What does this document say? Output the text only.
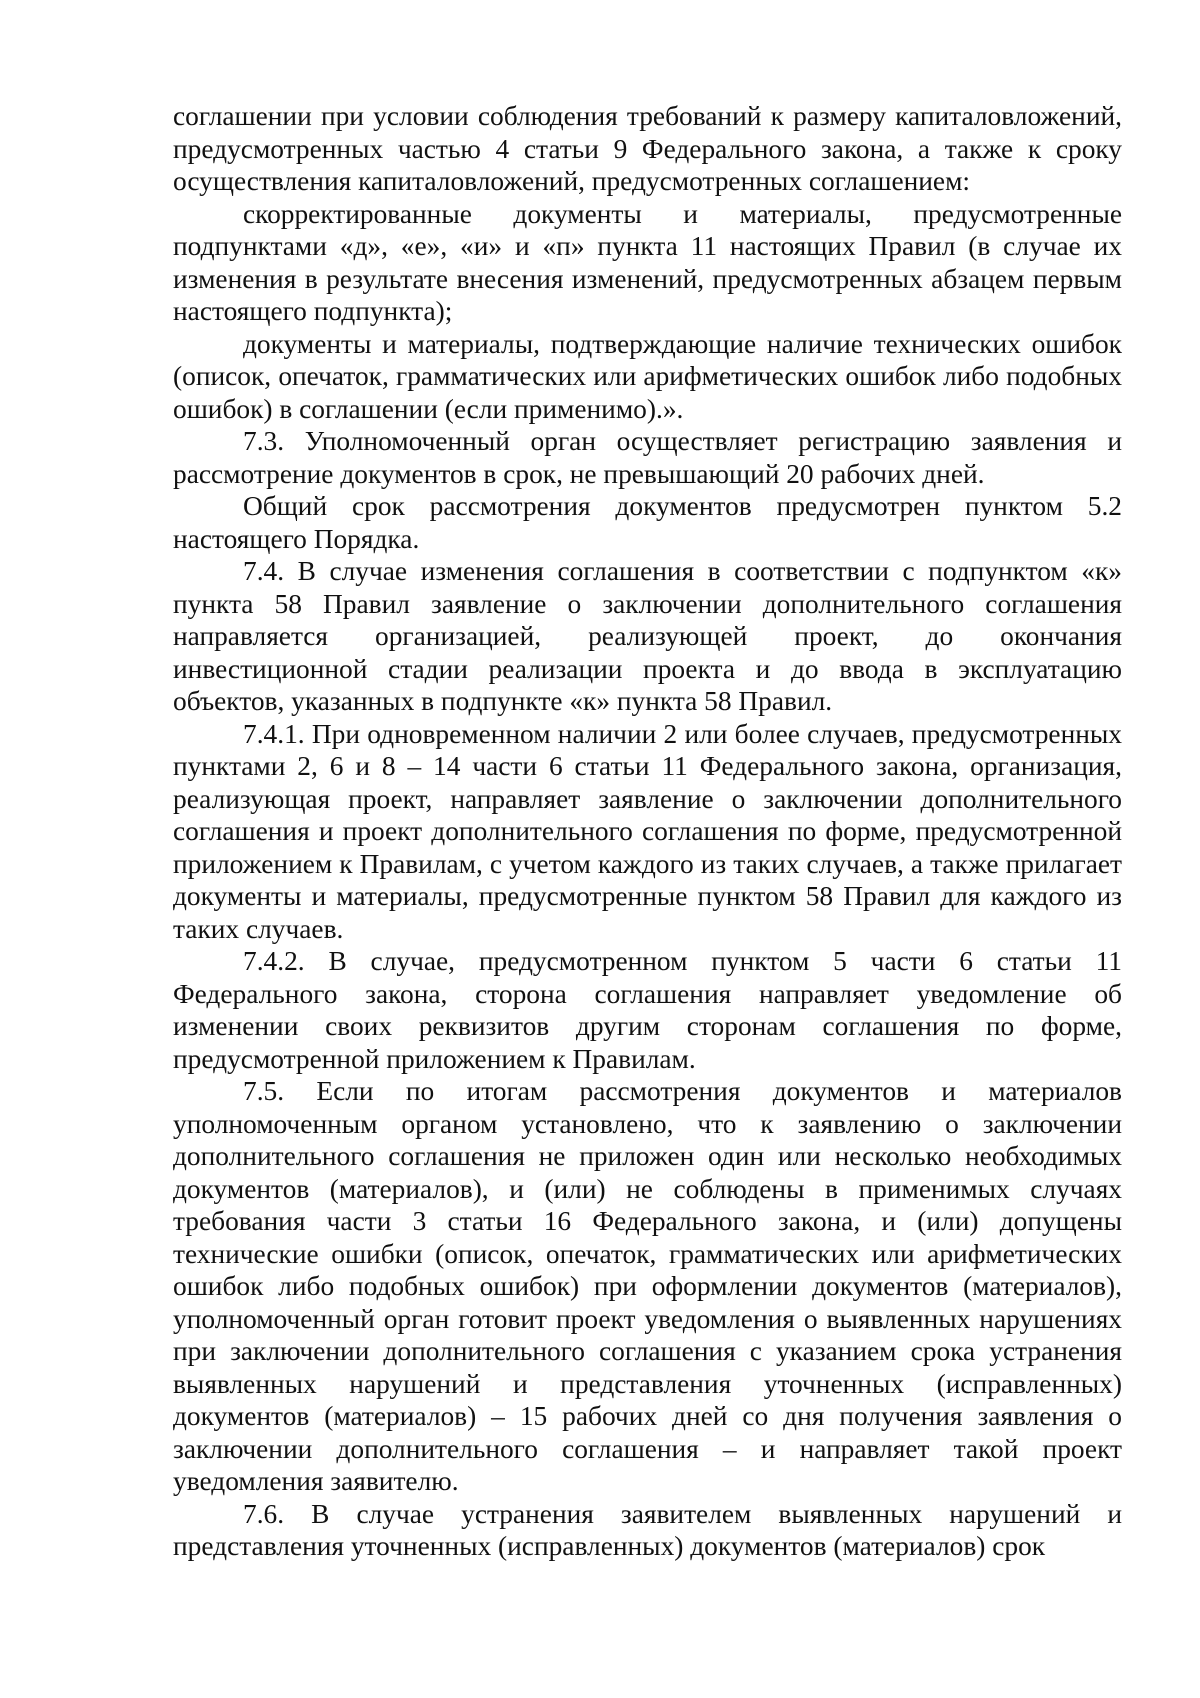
соглашении при условии соблюдения требований к размеру капиталовложений, предусмотренных частью 4 статьи 9 Федерального закона, а также к сроку осуществления капиталовложений, предусмотренных соглашением:

скорректированные документы и материалы, предусмотренные подпунктами «д», «е», «и» и «п» пункта 11 настоящих Правил (в случае их изменения в результате внесения изменений, предусмотренных абзацем первым настоящего подпункта);

документы и материалы, подтверждающие наличие технических ошибок (описок, опечаток, грамматических или арифметических ошибок либо подобных ошибок) в соглашении (если применимо).».

7.3. Уполномоченный орган осуществляет регистрацию заявления и рассмотрение документов в срок, не превышающий 20 рабочих дней.

Общий срок рассмотрения документов предусмотрен пунктом 5.2 настоящего Порядка.

7.4. В случае изменения соглашения в соответствии с подпунктом «к» пункта 58 Правил заявление о заключении дополнительного соглашения направляется организацией, реализующей проект, до окончания инвестиционной стадии реализации проекта и до ввода в эксплуатацию объектов, указанных в подпункте «к» пункта 58 Правил.

7.4.1. При одновременном наличии 2 или более случаев, предусмотренных пунктами 2, 6 и 8 – 14 части 6 статьи 11 Федерального закона, организация, реализующая проект, направляет заявление о заключении дополнительного соглашения и проект дополнительного соглашения по форме, предусмотренной приложением к Правилам, с учетом каждого из таких случаев, а также прилагает документы и материалы, предусмотренные пунктом 58 Правил для каждого из таких случаев.

7.4.2. В случае, предусмотренном пунктом 5 части 6 статьи 11 Федерального закона, сторона соглашения направляет уведомление об изменении своих реквизитов другим сторонам соглашения по форме, предусмотренной приложением к Правилам.

7.5. Если по итогам рассмотрения документов и материалов уполномоченным органом установлено, что к заявлению о заключении дополнительного соглашения не приложен один или несколько необходимых документов (материалов), и (или) не соблюдены в применимых случаях требования части 3 статьи 16 Федерального закона, и (или) допущены технические ошибки (описок, опечаток, грамматических или арифметических ошибок либо подобных ошибок) при оформлении документов (материалов), уполномоченный орган готовит проект уведомления о выявленных нарушениях при заключении дополнительного соглашения с указанием срока устранения выявленных нарушений и представления уточненных (исправленных) документов (материалов) – 15 рабочих дней со дня получения заявления о заключении дополнительного соглашения – и направляет такой проект уведомления заявителю.

7.6. В случае устранения заявителем выявленных нарушений и представления уточненных (исправленных) документов (материалов) срок
